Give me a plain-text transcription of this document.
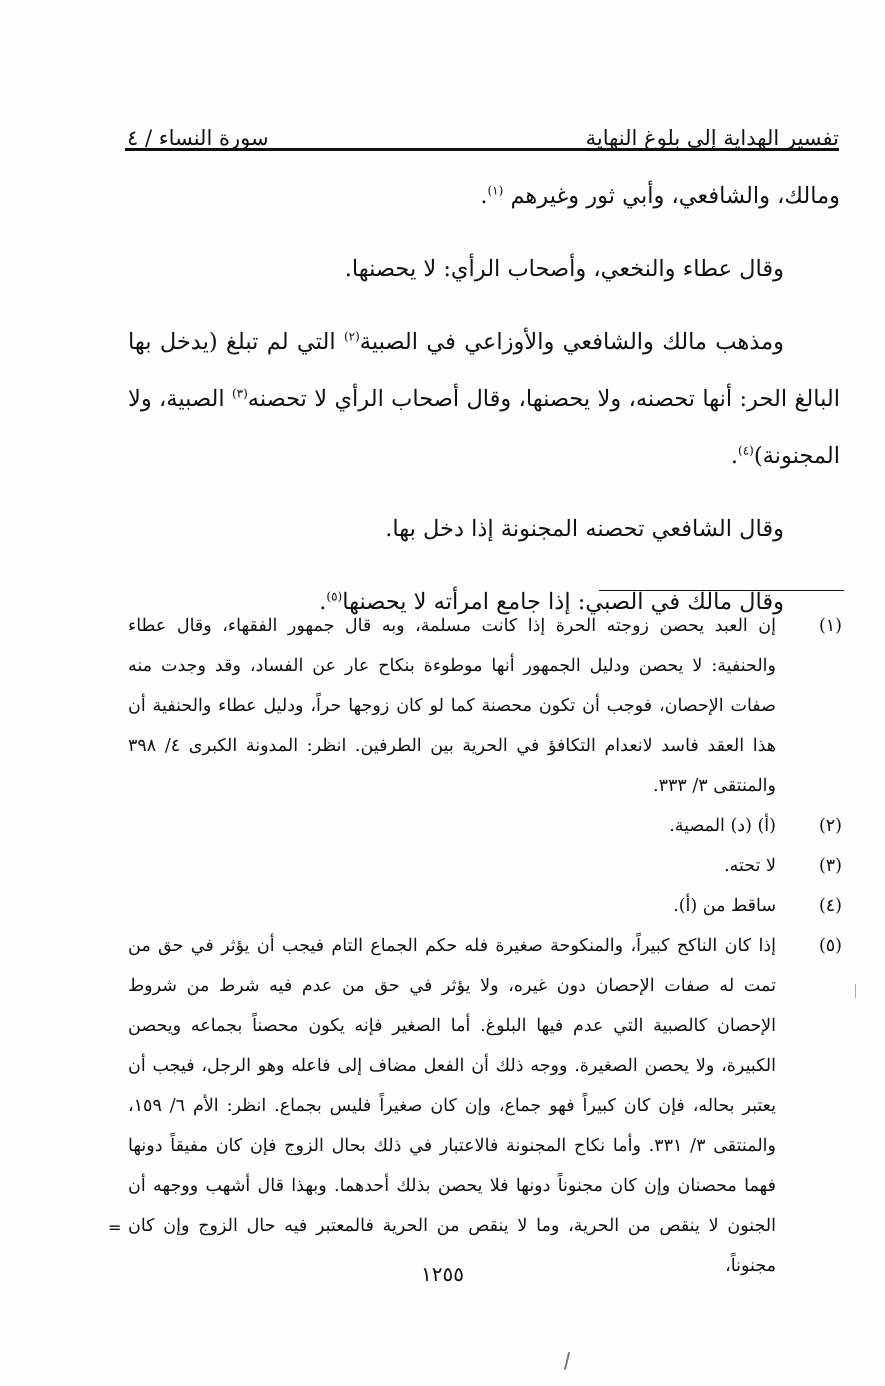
تفسير الهداية إلى بلوغ النهاية
سورة النساء / ٤

ومالك، والشافعي، وأبي ثور وغيرهم $^{(١)}$.

وقال عطاء والنخعي، وأصحاب الرأي: لا يحصنها.

ومذهب مالك والشافعي والأوزاعي في الصبية$^{(٢)}$ التي لم تبلغ (يدخل بها البالغ الحر: أنها تحصنه، ولا يحصنها، وقال أصحاب الرأي لا تحصنه$^{(٣)}$ الصبية، ولا المجنونة)$^{(٤)}$.

وقال الشافعي تحصنه المجنونة إذا دخل بها.

وقال مالك في الصبي: إذا جامع امرأته لا يحصنها$^{(٥)}$.

(١)
إن العبد يحصن زوجته الحرة إذا كانت مسلمة، وبه قال جمهور الفقهاء، وقال عطاء والحنفية: لا يحصن ودليل الجمهور أنها موطوءة بنكاح عار عن الفساد، وقد وجدت منه صفات الإحصان، فوجب أن تكون محصنة كما لو كان زوجها حراً، ودليل عطاء والحنفية أن هذا العقد فاسد لانعدام التكافؤ في الحرية بين الطرفين. انظر: المدونة الكبرى ٤/ ٣٩٨ والمنتقى ٣/ ٣٣٣.
(٢)
(أ) (د) المصية.
(٣)
لا تحته.
(٤)
ساقط من (أ).
(٥)
إذا كان الناكح كبيراً، والمنكوحة صغيرة فله حكم الجماع التام فيجب أن يؤثر في حق من تمت له صفات الإحصان دون غيره، ولا يؤثر في حق من عدم فيه شرط من شروط الإحصان كالصبية التي عدم فيها البلوغ. أما الصغير فإنه يكون محصناً بجماعه ويحصن الكبيرة، ولا يحصن الصغيرة. ووجه ذلك أن الفعل مضاف إلى فاعله وهو الرجل، فيجب أن يعتبر بحاله، فإن كان كبيراً فهو جماع، وإن كان صغيراً فليس بجماع. انظر: الأم ٦/ ١٥٩، والمنتقى ٣/ ٣٣١. وأما نكاح المجنونة فالاعتبار في ذلك بحال الزوج فإن كان مفيقاً دونها فهما محصنان وإن كان مجنوناً دونها فلا يحصن بذلك أحدهما. وبهذا قال أشهب ووجهه أن الجنون لا ينقص من الحرية، وما لا ينقص من الحرية فالمعتبر فيه حال الزوج وإن كان مجنوناً،
=
١٢٥٥
